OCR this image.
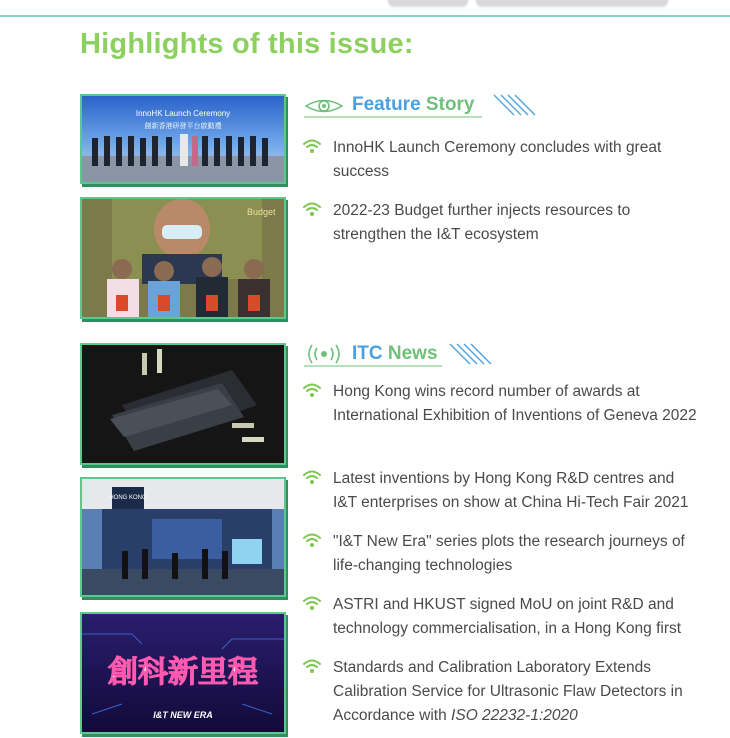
Highlights of this issue:
InnoHK Launch Ceremony
創新香港研發平台啟動禮
Budget
HONG KONG
創科新里程
I&T NEW ERA
Feature Story
InnoHK Launch Ceremony concludes with great success
2022-23 Budget further injects resources to strengthen the I&T ecosystem
ITC News
Hong Kong wins record number of awards at International Exhibition of Inventions of Geneva 2022
Latest inventions by Hong Kong R&D centres and I&T enterprises on show at China Hi-Tech Fair 2021
"I&T New Era" series plots the research journeys of life-changing technologies
ASTRI and HKUST signed MoU on joint R&D and technology commercialisation, in a Hong Kong first
Standards and Calibration Laboratory Extends Calibration Service for Ultrasonic Flaw Detectors in Accordance with ISO 22232-1:2020
